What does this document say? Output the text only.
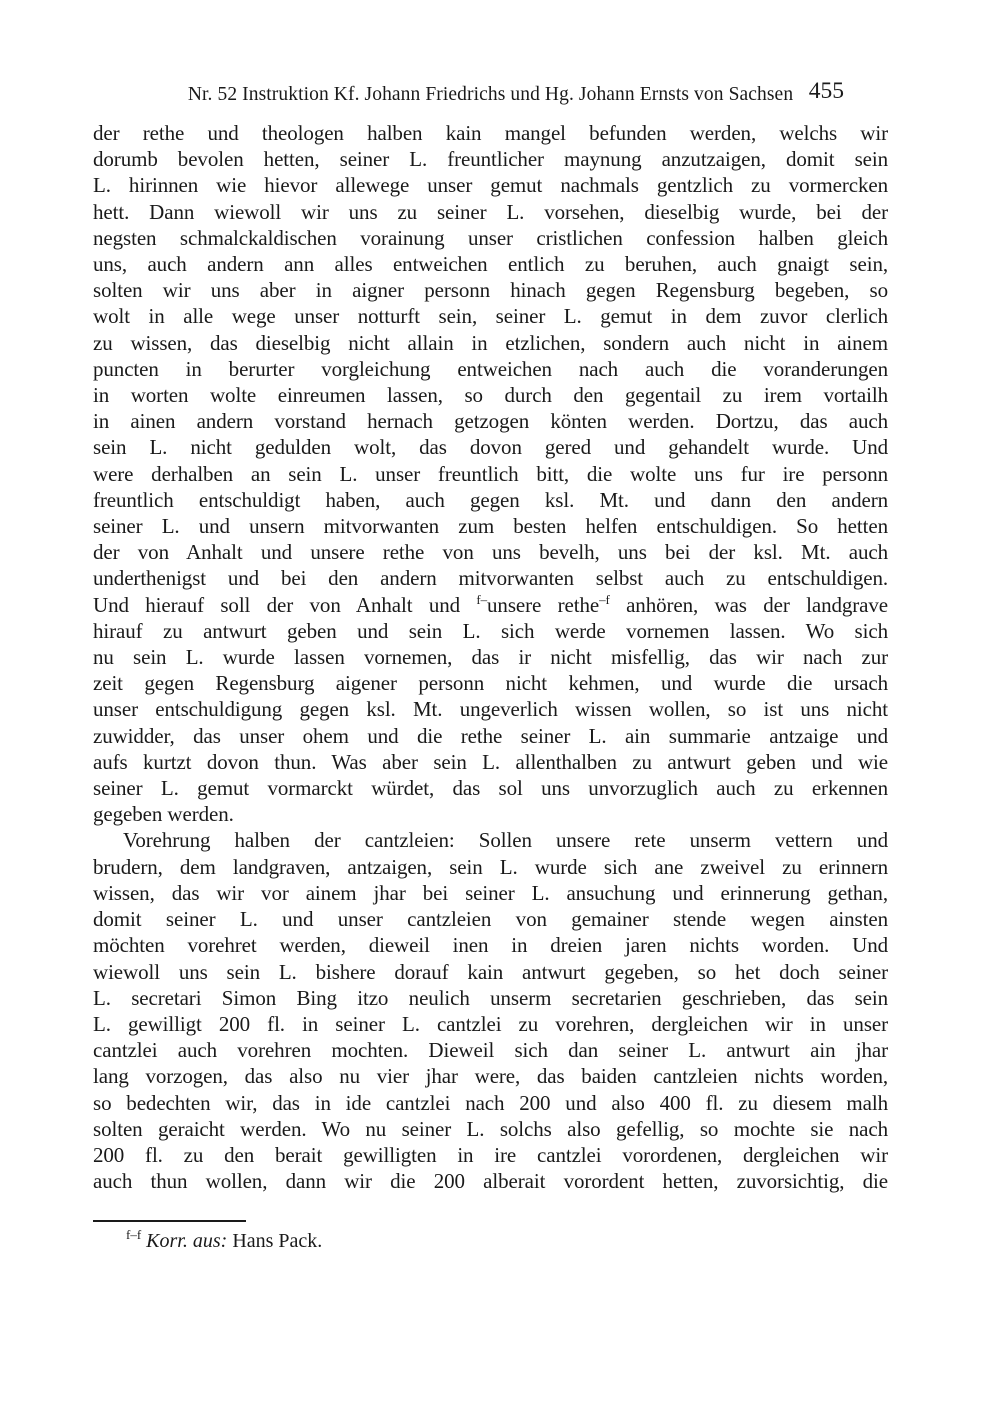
Nr. 52 Instruktion Kf. Johann Friedrichs und Hg. Johann Ernsts von Sachsen 455
der rethe und theologen halben kain mangel befunden werden, welchs wir
dorumb bevolen hetten, seiner L. freuntlicher maynung anzutzaigen, domit sein
L. hirinnen wie hievor allewege unser gemut nachmals gentzlich zu vormercken
hett. Dann wiewoll wir uns zu seiner L. vorsehen, dieselbig wurde, bei der
negsten schmalckaldischen vorainung unser cristlichen confession halben gleich
uns, auch andern ann alles entweichen entlich zu beruhen, auch gnaigt sein,
solten wir uns aber in aigner personn hinach gegen Regensburg begeben, so
wolt in alle wege unser notturft sein, seiner L. gemut in dem zuvor clerlich
zu wissen, das dieselbig nicht allain in etzlichen, sondern auch nicht in ainem
puncten in berurter vorgleichung entweichen nach auch die voranderungen
in worten wolte einreumen lassen, so durch den gegentail zu irem vortailh
in ainen andern vorstand hernach getzogen könten werden. Dortzu, das auch
sein L. nicht gedulden wolt, das dovon gered und gehandelt wurde. Und
were derhalben an sein L. unser freuntlich bitt, die wolte uns fur ire personn
freuntlich entschuldigt haben, auch gegen ksl. Mt. und dann den andern
seiner L. und unsern mitvorwanten zum besten helfen entschuldigen. So hetten
der von Anhalt und unsere rethe von uns bevelh, uns bei der ksl. Mt. auch
underthenigst und bei den andern mitvorwanten selbst auch zu entschuldigen.
Und hierauf soll der von Anhalt und $^{f-}$unsere rethe$^{-f}$ anhören, was der landgrave
hirauf zu antwurt geben und sein L. sich werde vornemen lassen. Wo sich
nu sein L. wurde lassen vornemen, das ir nicht misfellig, das wir nach zur
zeit gegen Regensburg aigener personn nicht kehmen, und wurde die ursach
unser entschuldigung gegen ksl. Mt. ungeverlich wissen wollen, so ist uns nicht
zuwidder, das unser ohem und die rethe seiner L. ain summarie antzaige und
aufs kurtzt dovon thun. Was aber sein L. allenthalben zu antwurt geben und wie
seiner L. gemut vormarckt würdet, das sol uns unvorzuglich auch zu erkennen
gegeben werden.
Vorehrung halben der cantzleien: Sollen unsere rete unserm vettern und
brudern, dem landgraven, antzaigen, sein L. wurde sich ane zweivel zu erinnern
wissen, das wir vor ainem jhar bei seiner L. ansuchung und erinnerung gethan,
domit seiner L. und unser cantzleien von gemainer stende wegen ainsten
möchten vorehret werden, dieweil inen in dreien jaren nichts worden. Und
wiewoll uns sein L. bishere dorauf kain antwurt gegeben, so het doch seiner
L. secretari Simon Bing itzo neulich unserm secretarien geschrieben, das sein
L. gewilligt 200 fl. in seiner L. cantzlei zu vorehren, dergleichen wir in unser
cantzlei auch vorehren mochten. Dieweil sich dan seiner L. antwurt ain jhar
lang vorzogen, das also nu vier jhar were, das baiden cantzleien nichts worden,
so bedechten wir, das in ide cantzlei nach 200 und also 400 fl. zu diesem malh
solten geraicht werden. Wo nu seiner L. solchs also gefellig, so mochte sie nach
200 fl. zu den berait gewilligten in ire cantzlei vorordenen, dergleichen wir
auch thun wollen, dann wir die 200 alberait vorordent hetten, zuvorsichtig, die
$^{f-f}$ Korr. aus: Hans Pack.
